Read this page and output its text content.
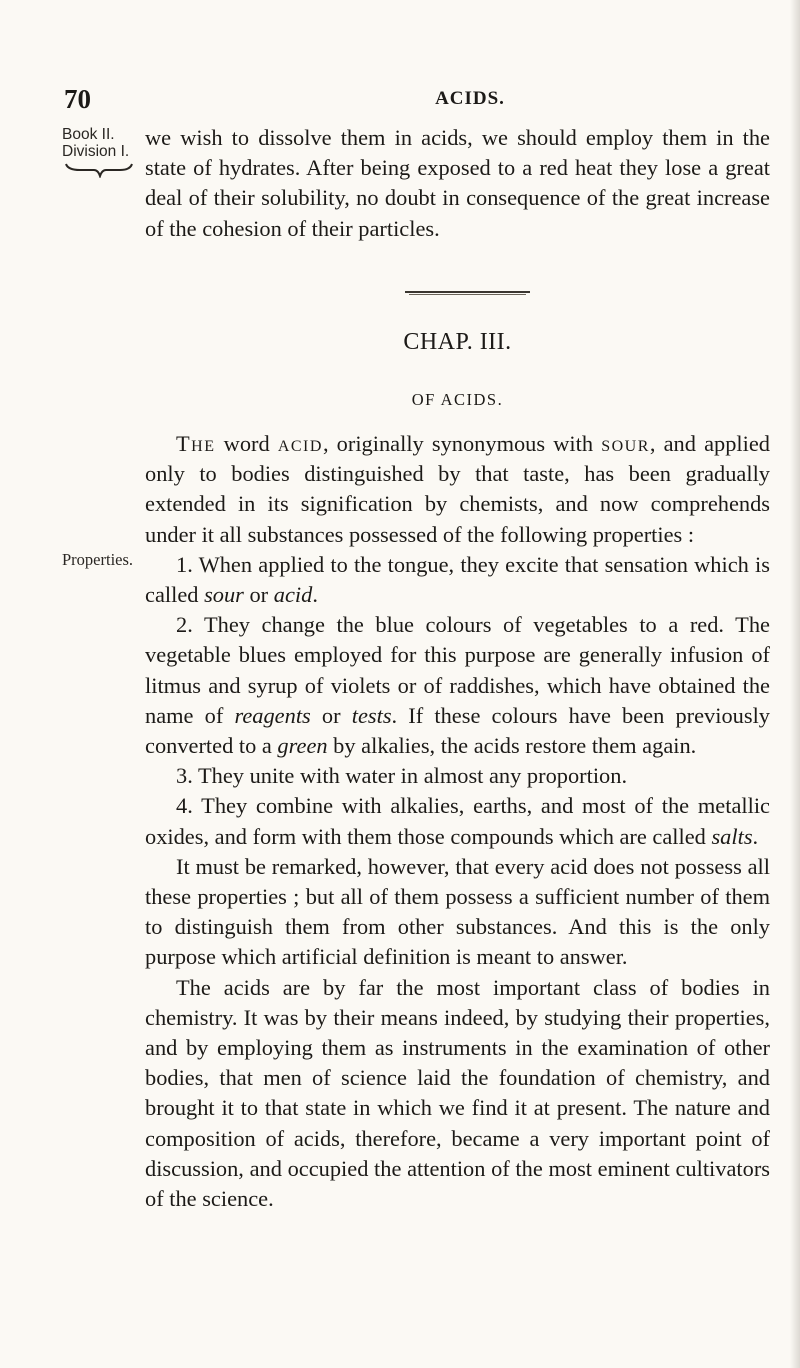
70	ACIDS.
Book II.
Division I.

we wish to dissolve them in acids, we should employ them in the state of hydrates. After being exposed to a red heat they lose a great deal of their solubility, no doubt in consequence of the great increase of the cohesion of their particles.

CHAP. III.
OF ACIDS.

The word acid, originally synonymous with sour, and applied only to bodies distinguished by that taste, has been gradually extended in its signification by chemists, and now comprehends under it all substances possessed of the following properties :

1. When applied to the tongue, they excite that sensation which is called sour or acid.

2. They change the blue colours of vegetables to a red. The vegetable blues employed for this purpose are generally infusion of litmus and syrup of violets or of raddishes, which have obtained the name of reagents or tests. If these colours have been previously converted to a green by alkalies, the acids restore them again.

3. They unite with water in almost any proportion.

4. They combine with alkalies, earths, and most of the metallic oxides, and form with them those compounds which are called salts.

It must be remarked, however, that every acid does not possess all these properties ; but all of them possess a sufficient number of them to distinguish them from other substances. And this is the only purpose which artificial definition is meant to answer.

The acids are by far the most important class of bodies in chemistry. It was by their means indeed, by studying their properties, and by employing them as instruments in the examination of other bodies, that men of science laid the foundation of chemistry, and brought it to that state in which we find it at present. The nature and composition of acids, therefore, became a very important point of discussion, and occupied the attention of the most eminent cultivators of the science.

Properties.
